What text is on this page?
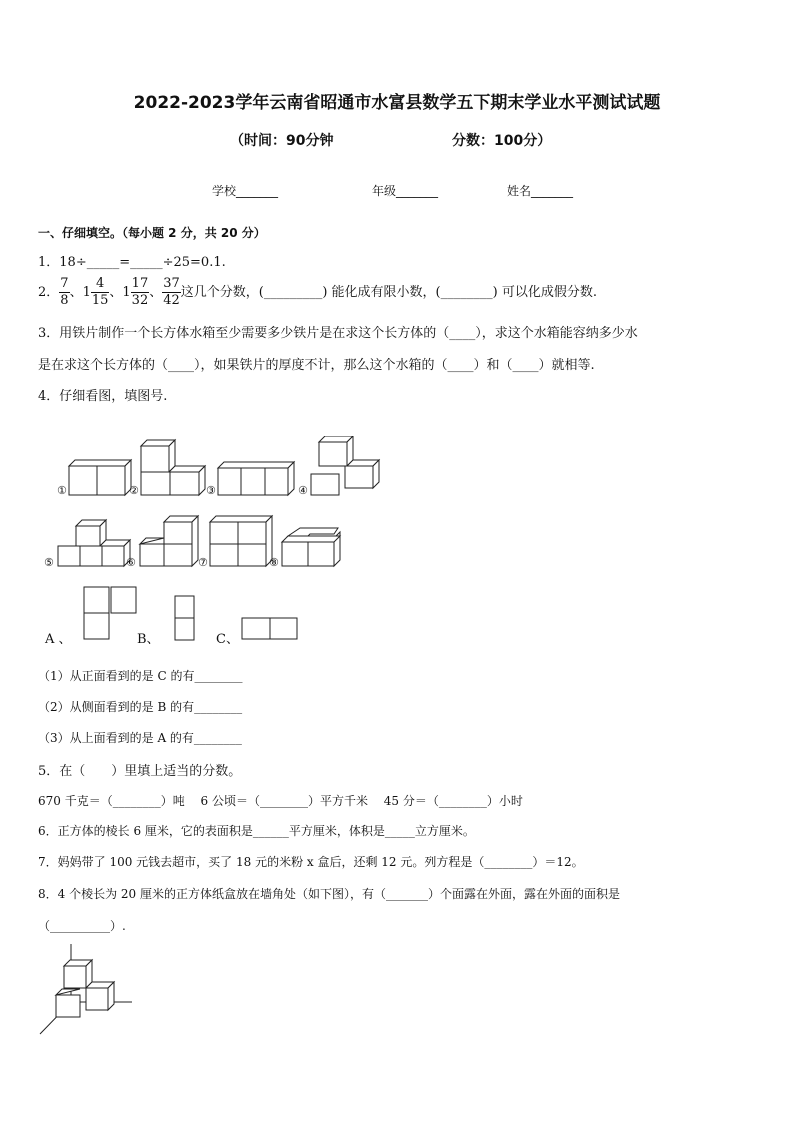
2022-2023学年云南省昭通市水富县数学五下期末学业水平测试试题
（时间：90分钟	分数：100分）
学校_______	年级_______	姓名_______
一、仔细填空。（每小题 2 分，共 20 分）
1．18÷_____=_____÷25=0.1.
2． $\frac{7}{8}$ 、$1 \frac{4}{15}$ 、$1 \frac{17}{32}$ 、 $\frac{37}{42}$ 这几个分数，(_________) 能化成有限小数，(________) 可以化成假分数.
3．用铁片制作一个长方体水箱至少需要多少铁片是在求这个长方体的（____），求这个水箱能容纳多少水
是在求这个长方体的（____），如果铁片的厚度不计，那么这个水箱的（____）和（____）就相等.
4．仔细看图，填图号.
①	②	③	④
⑤	⑥	⑦	⑧
A 、	B、	C、
（1）从正面看到的是 C 的有________
（2）从侧面看到的是 B 的有________
（3）从上面看到的是 A 的有________
5．在（　　）里填上适当的分数。
670 千克＝（________）吨　 6 公顷＝（________）平方千米　 45 分＝（________）小时
6．正方体的棱长 6 厘米，它的表面积是______平方厘米，体积是_____立方厘米。
7．妈妈带了 100 元钱去超市，买了 18 元的米粉 x 盒后，还剩 12 元。列方程是（________）＝12。
8．4 个棱长为 20 厘米的正方体纸盒放在墙角处（如下图），有（_______）个面露在外面，露在外面的面积是
（__________）.
